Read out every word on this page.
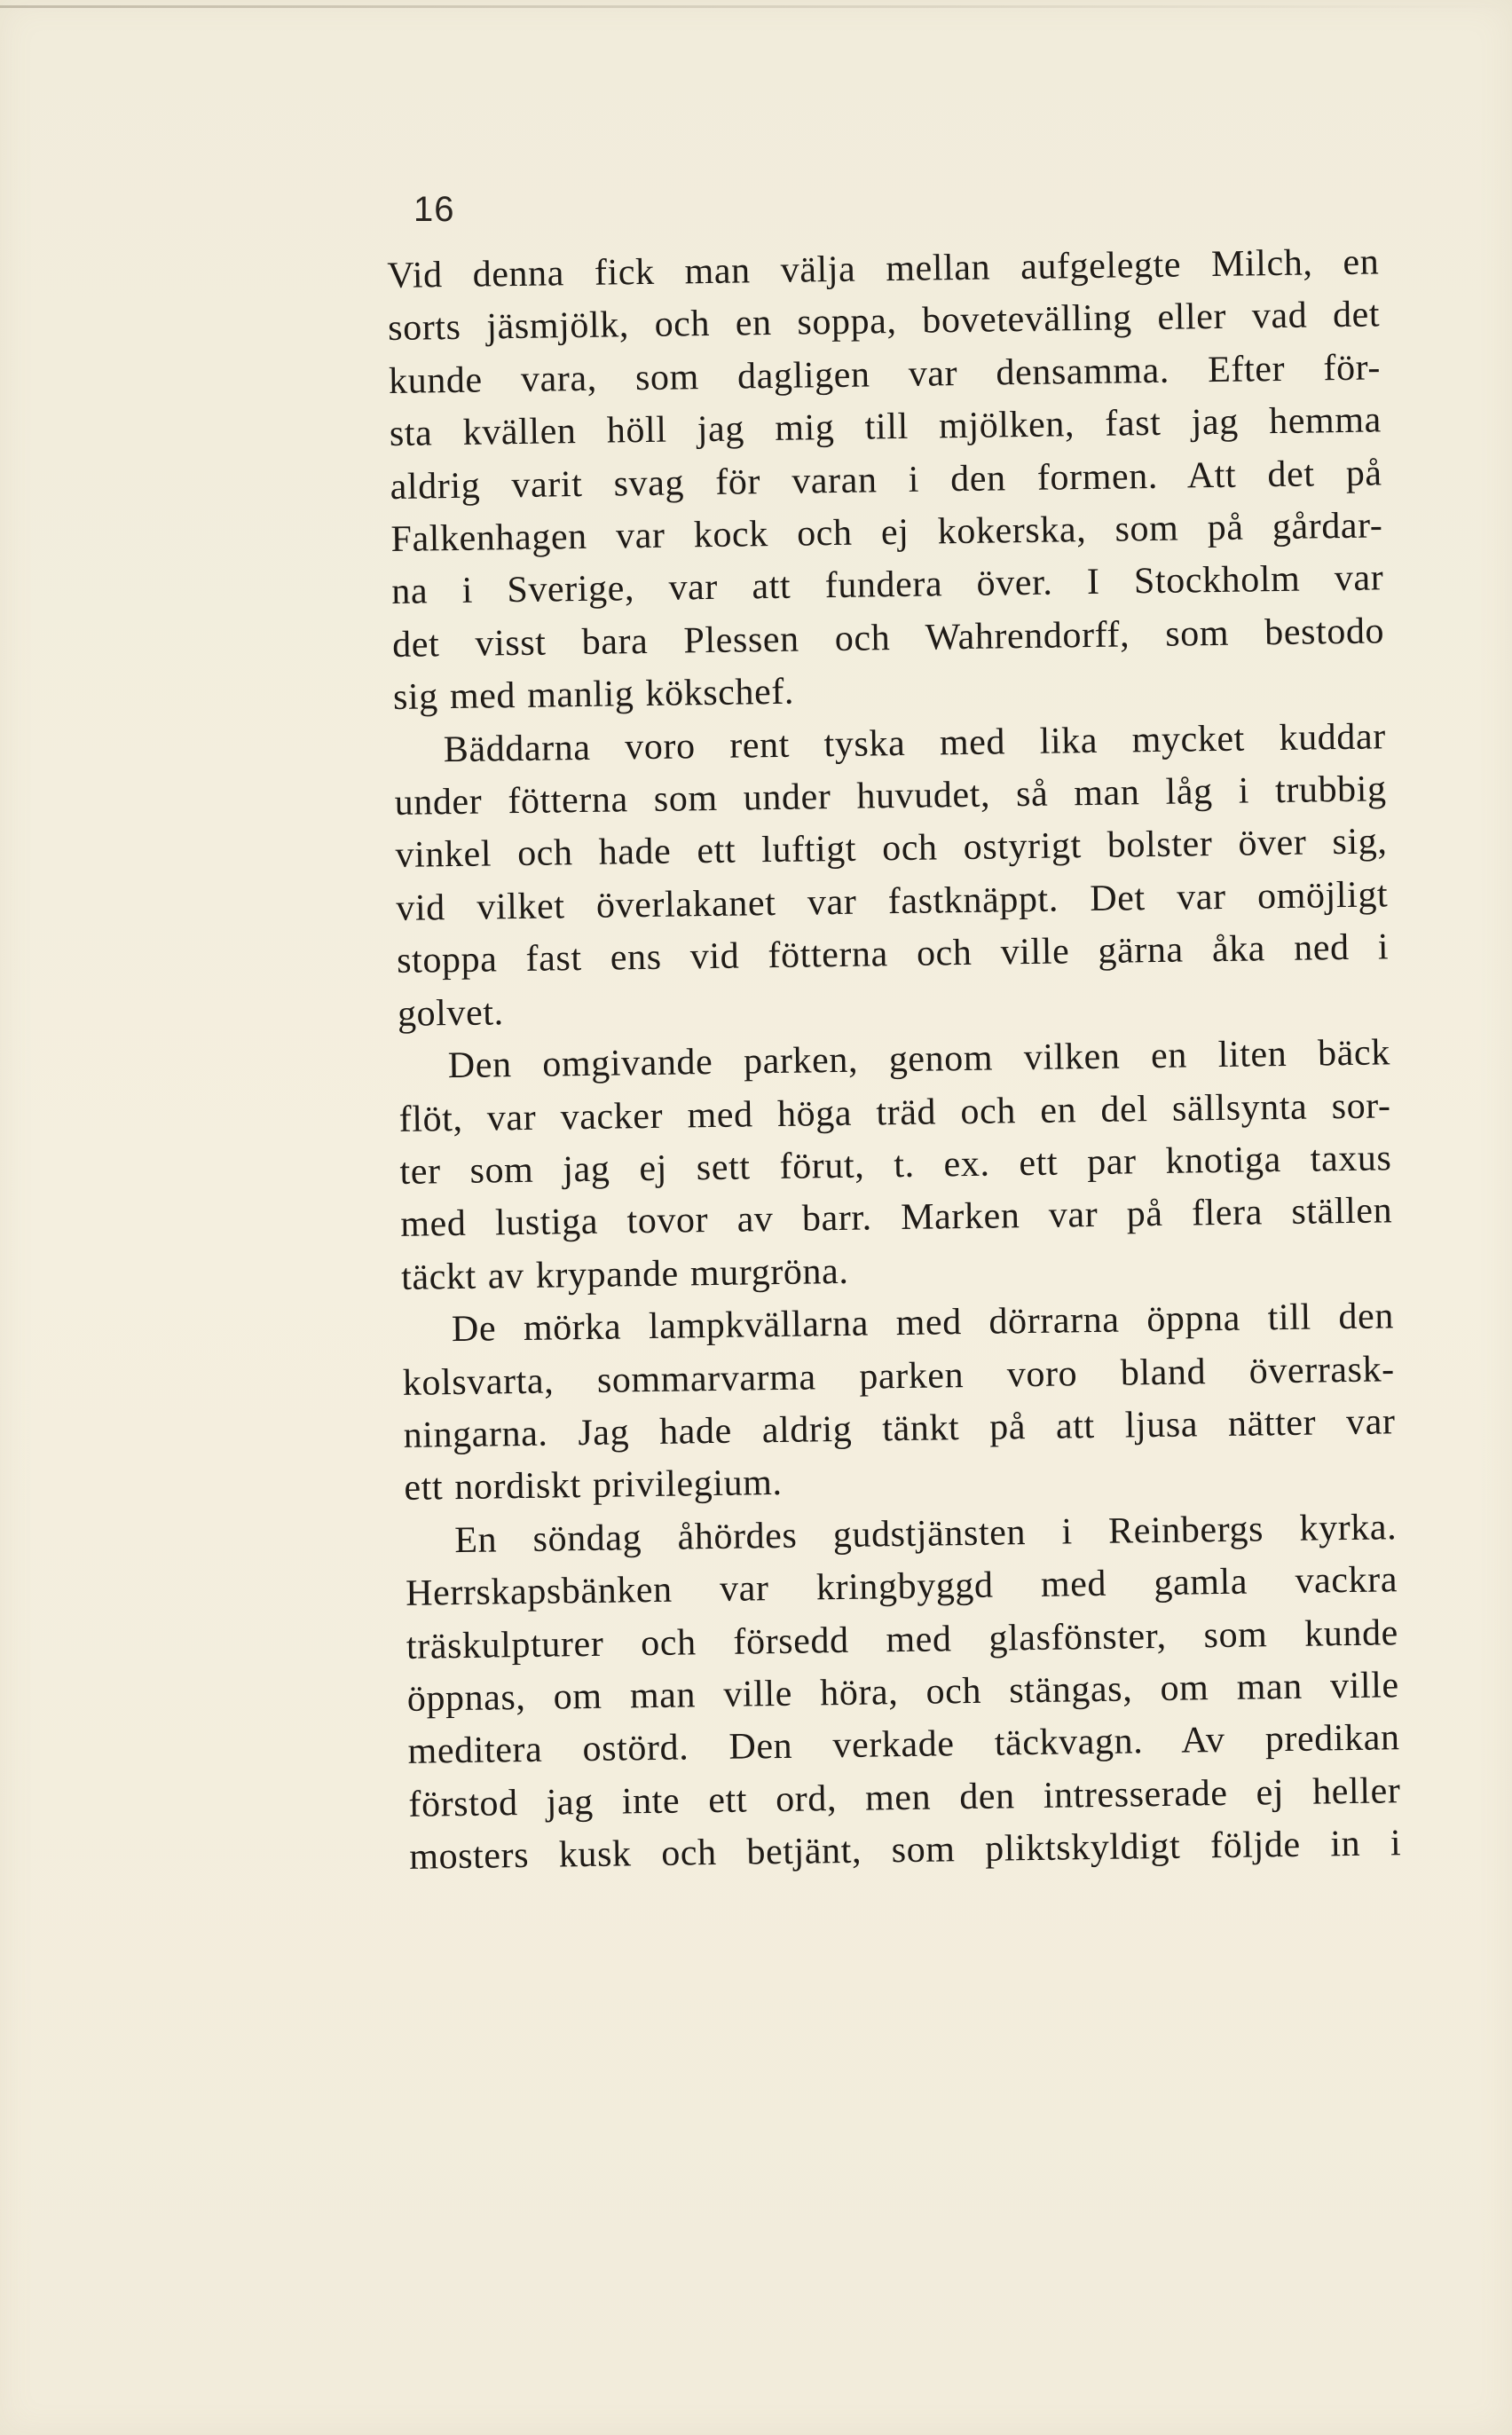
16
Vid denna fick man välja mellan aufgelegte Milch, en
sorts jäsmjölk, och en soppa, bovetevälling eller vad det
kunde vara, som dagligen var densamma. Efter för-
sta kvällen höll jag mig till mjölken, fast jag hemma
aldrig varit svag för varan i den formen. Att det på
Falkenhagen var kock och ej kokerska, som på gårdar-
na i Sverige, var att fundera över. I Stockholm var
det visst bara Plessen och Wahrendorff, som bestodo
sig med manlig kökschef.
Bäddarna voro rent tyska med lika mycket kuddar
under fötterna som under huvudet, så man låg i trubbig
vinkel och hade ett luftigt och ostyrigt bolster över sig,
vid vilket överlakanet var fastknäppt. Det var omöjligt
stoppa fast ens vid fötterna och ville gärna åka ned i
golvet.
Den omgivande parken, genom vilken en liten bäck
flöt, var vacker med höga träd och en del sällsynta sor-
ter som jag ej sett förut, t. ex. ett par knotiga taxus
med lustiga tovor av barr. Marken var på flera ställen
täckt av krypande murgröna.
De mörka lampkvällarna med dörrarna öppna till den
kolsvarta, sommarvarma parken voro bland överrask-
ningarna. Jag hade aldrig tänkt på att ljusa nätter var
ett nordiskt privilegium.
En söndag åhördes gudstjänsten i Reinbergs kyrka.
Herrskapsbänken var kringbyggd med gamla vackra
träskulpturer och försedd med glasfönster, som kunde
öppnas, om man ville höra, och stängas, om man ville
meditera ostörd. Den verkade täckvagn. Av predikan
förstod jag inte ett ord, men den intresserade ej heller
mosters kusk och betjänt, som pliktskyldigt följde in i
